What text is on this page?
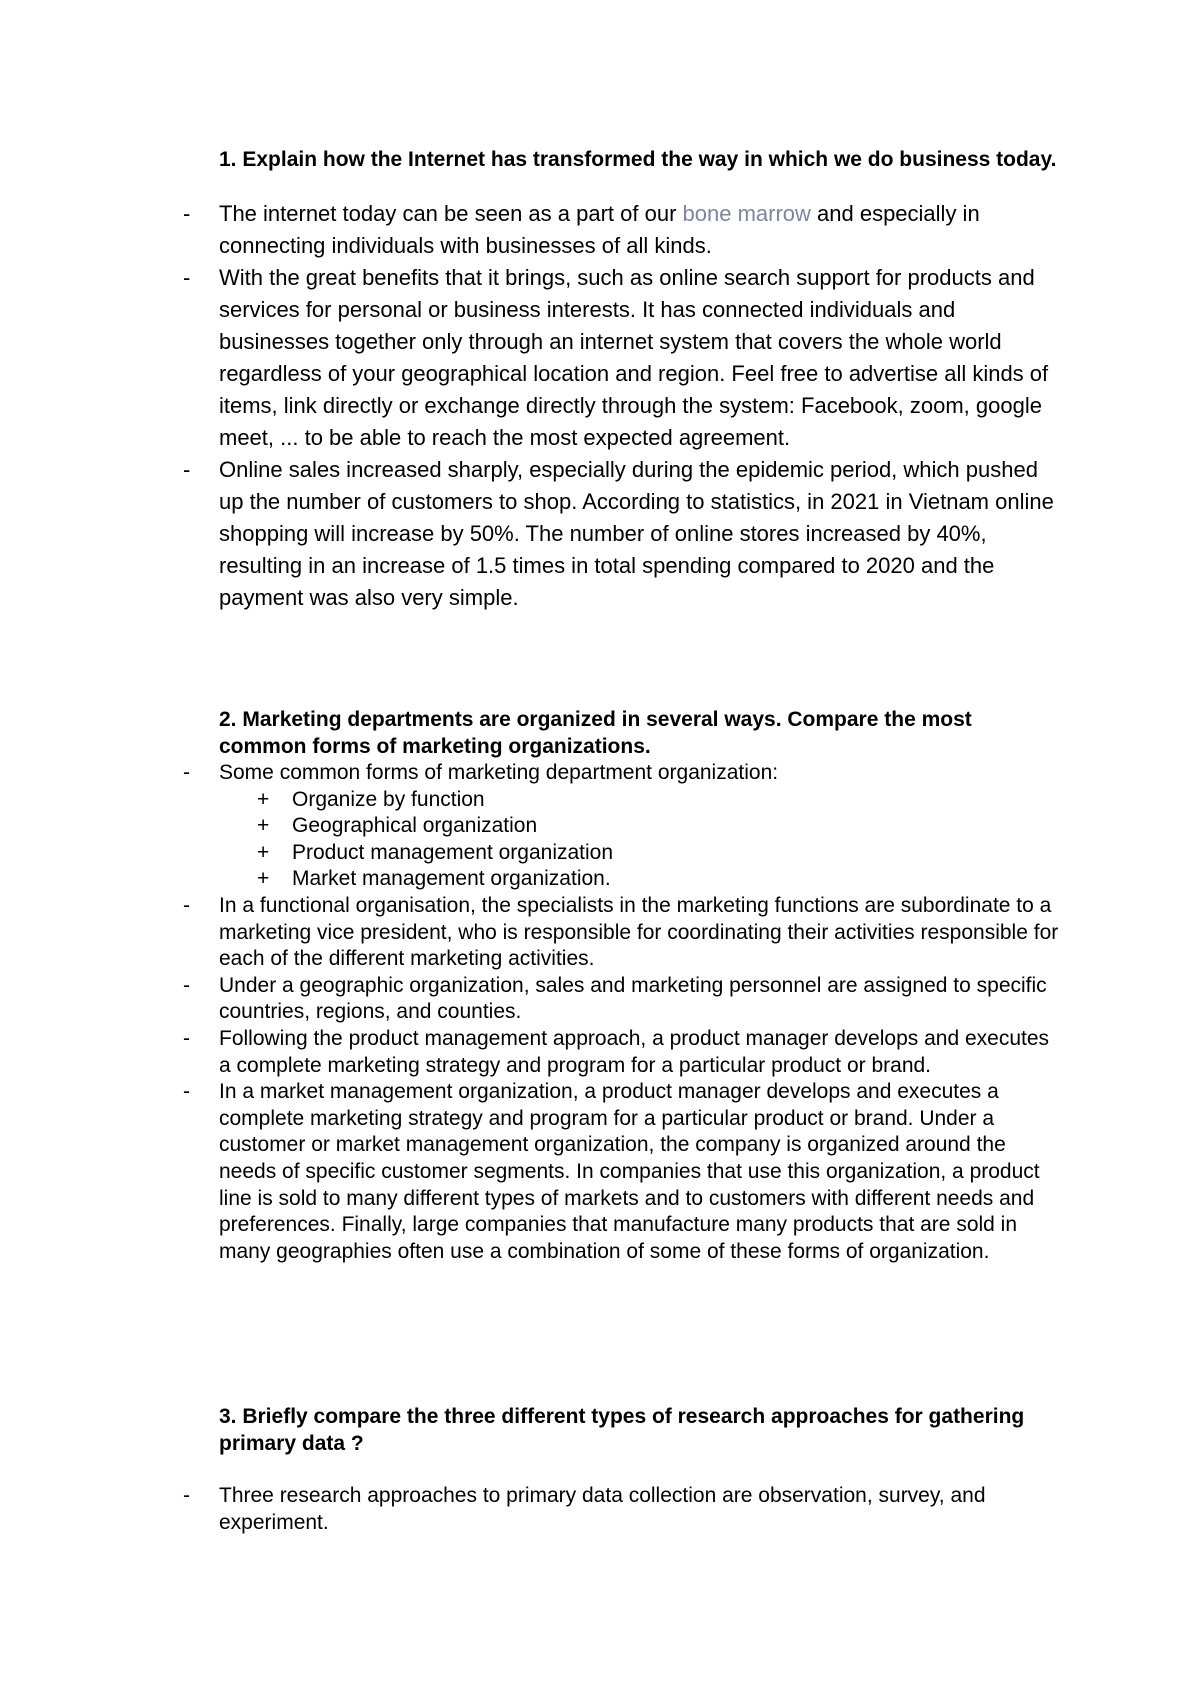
1. Explain how the Internet has transformed the way in which we do business today.
- The internet today can be seen as a part of our bone marrow and especially in connecting individuals with businesses of all kinds.
- With the great benefits that it brings, such as online search support for products and services for personal or business interests. It has connected individuals and businesses together only through an internet system that covers the whole world regardless of your geographical location and region. Feel free to advertise all kinds of items, link directly or exchange directly through the system: Facebook, zoom, google meet, ... to be able to reach the most expected agreement.
- Online sales increased sharply, especially during the epidemic period, which pushed up the number of customers to shop. According to statistics, in 2021 in Vietnam online shopping will increase by 50%. The number of online stores increased by 40%, resulting in an increase of 1.5 times in total spending compared to 2020 and the payment was also very simple.
2. Marketing departments are organized in several ways. Compare the most common forms of marketing organizations.
- Some common forms of marketing department organization:
+ Organize by function
+ Geographical organization
+ Product management organization
+ Market management organization.
- In a functional organisation, the specialists in the marketing functions are subordinate to a marketing vice president, who is responsible for coordinating their activities responsible for each of the different marketing activities.
- Under a geographic organization, sales and marketing personnel are assigned to specific countries, regions, and counties.
- Following the product management approach, a product manager develops and executes a complete marketing strategy and program for a particular product or brand.
- In a market management organization, a product manager develops and executes a complete marketing strategy and program for a particular product or brand. Under a customer or market management organization, the company is organized around the needs of specific customer segments. In companies that use this organization, a product line is sold to many different types of markets and to customers with different needs and preferences. Finally, large companies that manufacture many products that are sold in many geographies often use a combination of some of these forms of organization.
3. Briefly compare the three different types of research approaches for gathering primary data ?
- Three research approaches to primary data collection are observation, survey, and experiment.
